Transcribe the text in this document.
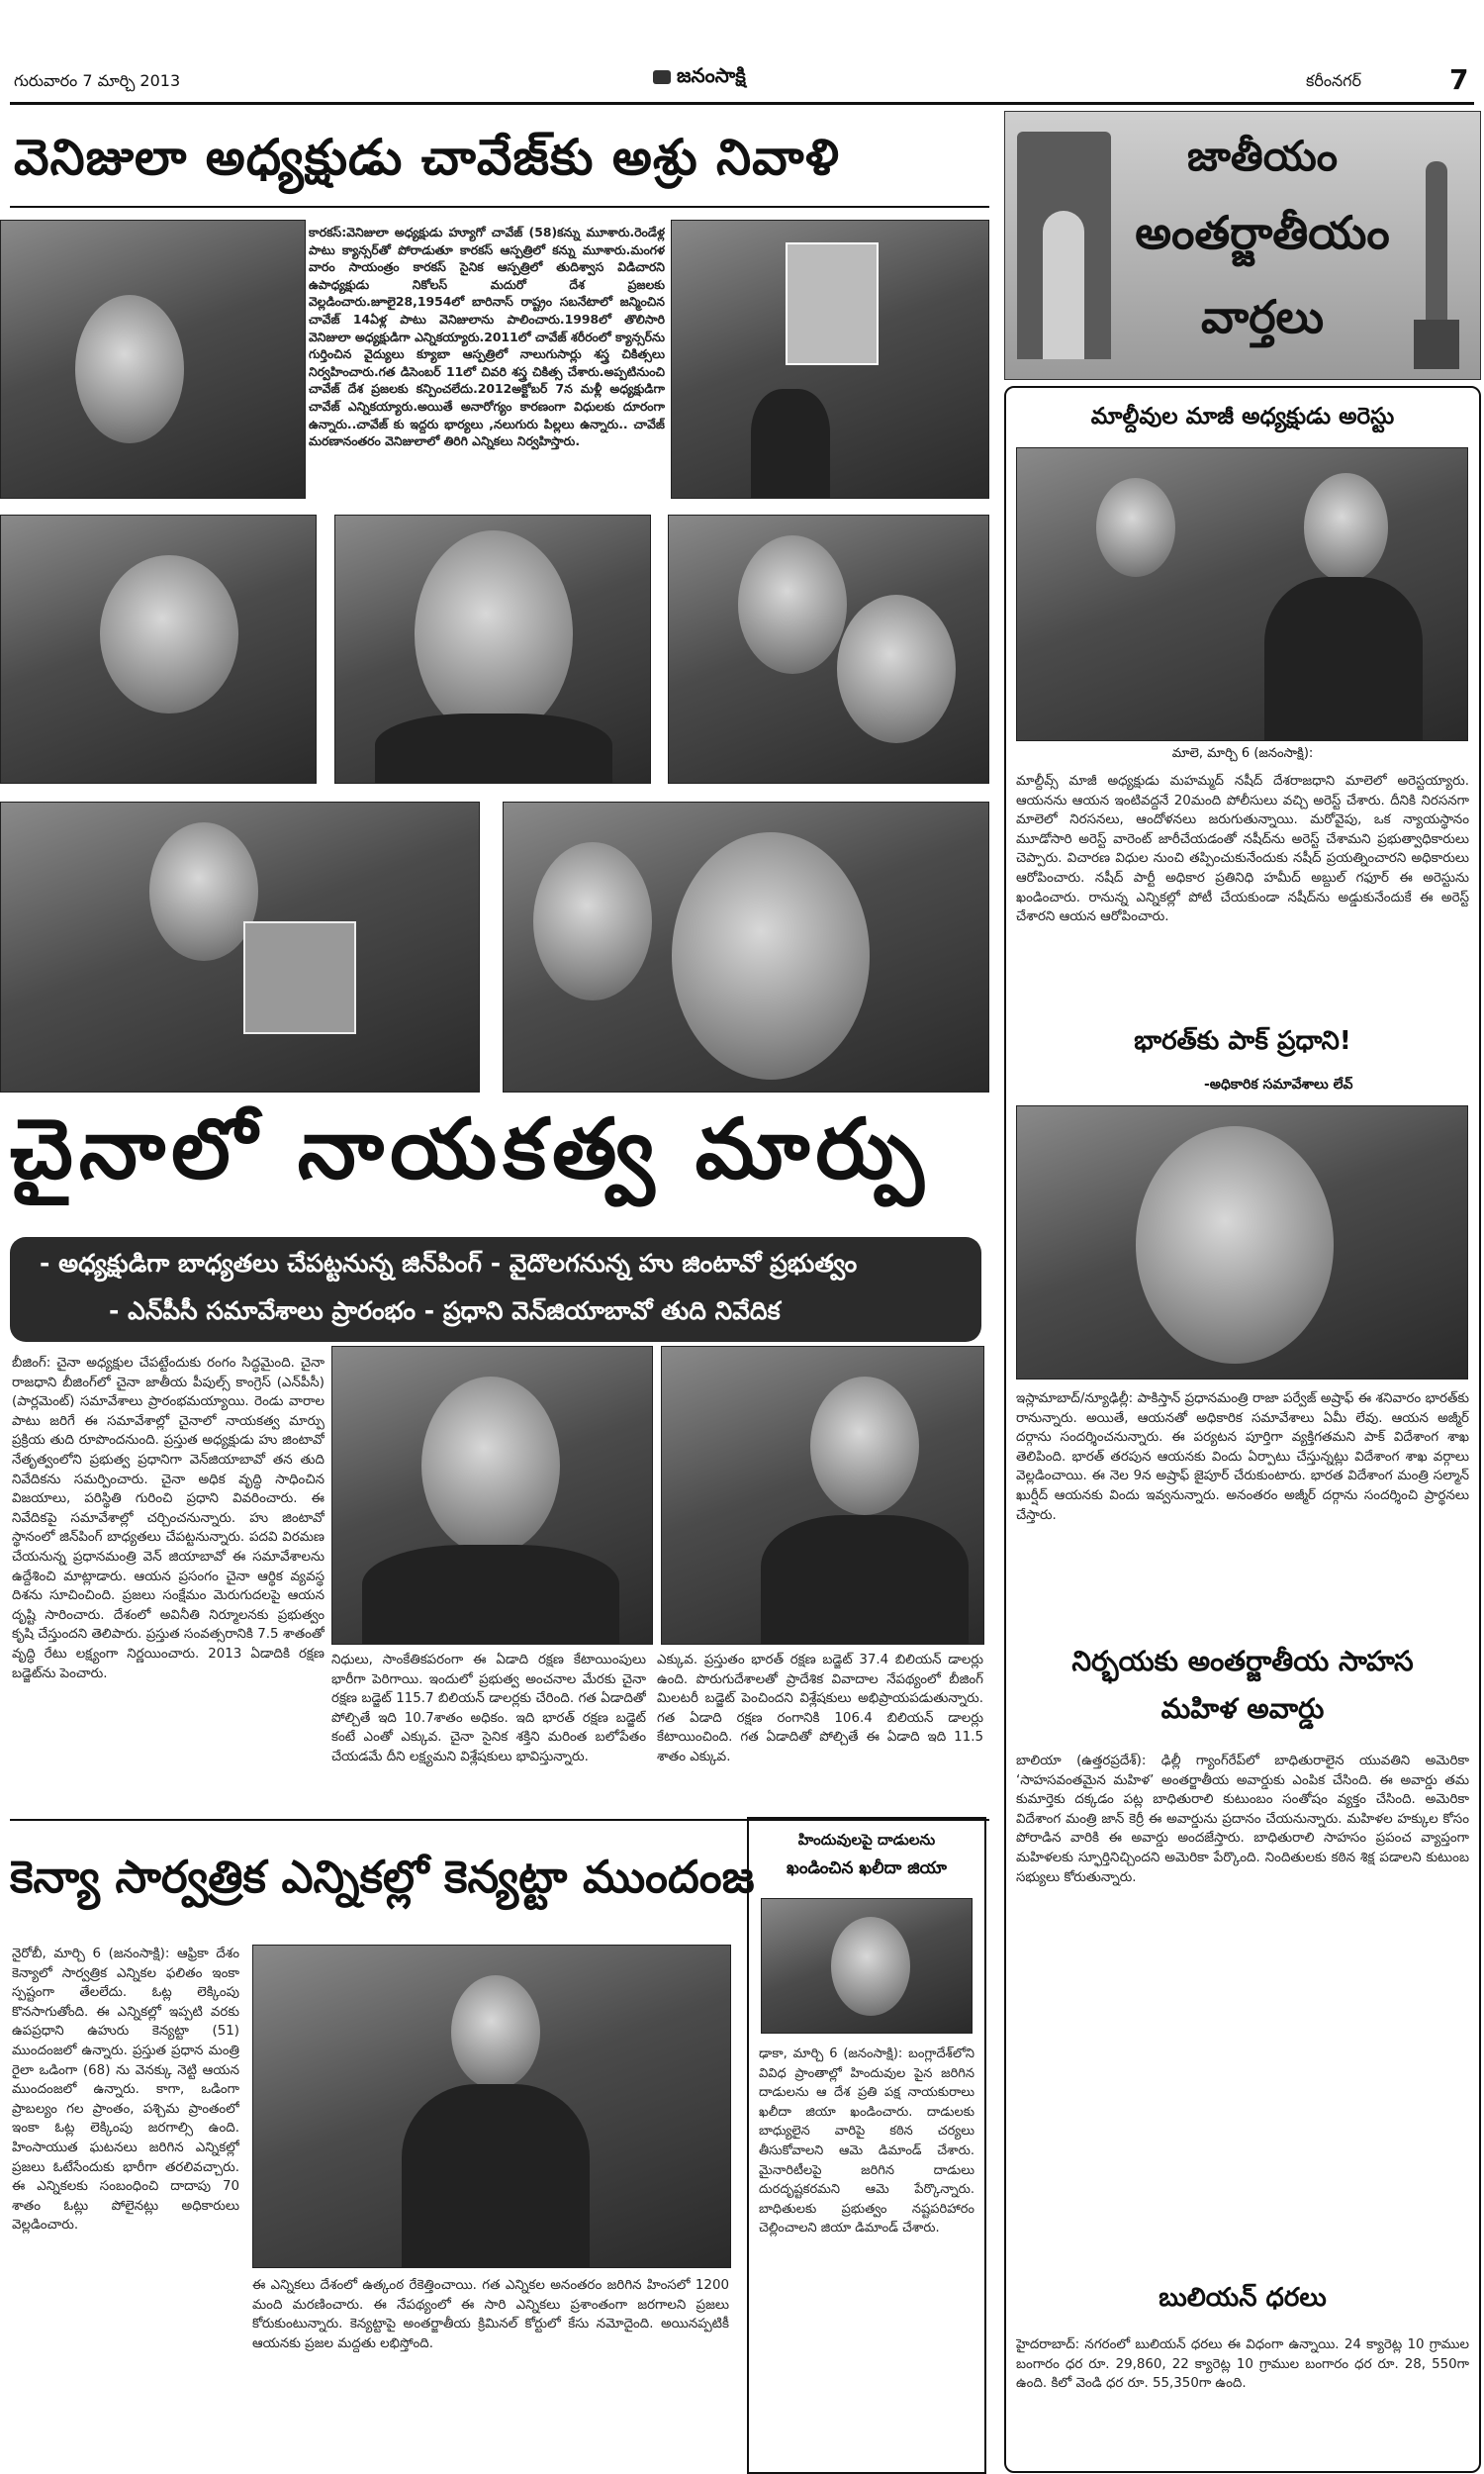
గురువారం 7 మార్చి 2013	జనంసాక్షి	కరీంనగర్	7
వెనిజులా అధ్యక్షుడు చావేజ్‌కు అశ్రు నివాళి
కారకస్‌:వెనిజులా అధ్యక్షుడు హ్యూగో చావేజ్‌ (58)కన్ను మూశారు.రెండేళ్ల పాటు క్యాన్సర్‌తో పోరాడుతూ కారకస్‌ ఆస్పత్రిలో కన్ను మూశారు.మంగళ వారం సాయంత్రం కారకస్‌ సైనిక ఆస్పత్రిలో తుదిశ్వాస విడిచారని ఉపాధ్యక్షుడు నికోలస్‌ మదురో దేశ ప్రజలకు వెల్లడించారు.జూలై28,1954లో బారినాస్‌ రాష్ట్రం సబనేటాలో జన్మించిన చావేజ్‌ 14ఏళ్ల పాటు వెనిజులాను పాలించారు.1998లో తొలిసారి వెనిజులా అధ్యక్షుడిగా ఎన్నికయ్యారు.2011లో చావేజ్‌ శరీరంలో క్యాన్సర్‌ను గుర్తించిన వైద్యులు క్యూబా ఆస్పత్రిలో నాలుగుసార్లు శస్త్ర చికిత్సలు నిర్వహించారు.గత డిసెంబర్‌ 11లో చివరి శస్త్ర చికిత్స చేశారు.అప్పటినుంచి చావేజ్‌ దేశ ప్రజలకు కన్పించలేదు.2012అక్టోబర్‌ 7న మళ్లీ అధ్యక్షుడిగా చావేజ్‌ ఎన్నికయ్యారు.అయితే అనారోగ్యం కారణంగా విధులకు దూరంగా ఉన్నారు..చావేజ్‌ కు ఇద్దరు భార్యలు ,నలుగురు పిల్లలు ఉన్నారు.. చావేజ్‌ మరణానంతరం వెనిజులాలో తిరిగి ఎన్నికలు నిర్వహిస్తారు.
చైనాలో నాయకత్వ మార్పు
- అధ్యక్షుడిగా బాధ్యతలు చేపట్టనున్న జిన్‌పింగ్‌ - వైదొలగనున్న హు జింటావో ప్రభుత్వం
- ఎన్‌పీసీ సమావేశాలు ప్రారంభం - ప్రధాని వెన్‌జియాబావో తుది నివేదిక
బీజింగ్‌: చైనా అధ్యక్షుల చేపట్టేందుకు రంగం సిద్ధమైంది. చైనా రాజధాని బీజింగ్‌లో చైనా జాతీయ పీపుల్స్‌ కాంగ్రెస్‌ (ఎన్‌పీసీ)(పార్లమెంట్‌) సమావేశాలు ప్రారంభమయ్యాయి. రెండు వారాల పాటు జరిగే ఈ సమావేశాల్లో చైనాలో నాయకత్వ మార్పు ప్రక్రియ తుది రూపొందనుంది. ప్రస్తుత అధ్యక్షుడు హు జింటావో నేతృత్వంలోని ప్రభుత్వ ప్రధానిగా వెన్‌జియాబావో తన తుది నివేదికను సమర్పించారు. చైనా అధిక వృద్ధి సాధించిన విజయాలు, పరిస్థితి గురించి ప్రధాని వివరించారు. ఈ నివేదికపై సమావేశాల్లో చర్చించనున్నారు. హు జింటావో స్థానంలో జిన్‌పింగ్‌ బాధ్యతలు చేపట్టనున్నారు. పదవి విరమణ చేయనున్న ప్రధానమంత్రి వెన్‌ జియాబావో ఈ సమావేశాలను ఉద్దేశించి మాట్లాడారు. ఆయన ప్రసంగం చైనా ఆర్థిక వ్యవస్థ దిశను సూచించింది. ప్రజలు సంక్షేమం మెరుగుదలపై ఆయన దృష్టి సారించారు. దేశంలో అవినీతి నిర్మూలనకు ప్రభుత్వం కృషి చేస్తుందని తెలిపారు. ప్రస్తుత సంవత్సరానికి 7.5 శాతంతో వృద్ధి రేటు లక్ష్యంగా నిర్ణయించారు. 2013 ఏడాదికి రక్షణ బడ్జెట్‌ను పెంచారు.
నిధులు, సాంకేతికపరంగా ఈ ఏడాది రక్షణ కేటాయింపులు భారీగా పెరిగాయి. ఇందులో ప్రభుత్వ అంచనాల మేరకు చైనా రక్షణ బడ్జెట్‌ 115.7 బిలియన్‌ డాలర్లకు చేరింది. గత ఏడాదితో పోల్చితే ఇది 10.7శాతం అధికం. ఇది భారత్‌ రక్షణ బడ్జెట్‌ కంటే ఎంతో ఎక్కువ. చైనా సైనిక శక్తిని మరింత బలోపేతం చేయడమే దీని లక్ష్యమని విశ్లేషకులు భావిస్తున్నారు.
ఎక్కువ. ప్రస్తుతం భారత్‌ రక్షణ బడ్జెట్‌ 37.4 బిలియన్‌ డాలర్లు ఉంది. పొరుగుదేశాలతో ప్రాదేశిక వివాదాల నేపథ్యంలో బీజింగ్‌ మిలటరీ బడ్జెట్‌ పెంచిందని విశ్లేషకులు అభిప్రాయపడుతున్నారు. గత ఏడాది రక్షణ రంగానికి 106.4 బిలియన్‌ డాలర్లు కేటాయించింది. గత ఏడాదితో పోల్చితే ఈ ఏడాది ఇది 11.5 శాతం ఎక్కువ.
కెన్యా సార్వత్రిక ఎన్నికల్లో కెన్యట్టా ముందంజ
నైరోబీ, మార్చి 6 (జనంసాక్షి): ఆఫ్రికా దేశం కెన్యాలో సార్వత్రిక ఎన్నికల ఫలితం ఇంకా స్పష్టంగా తేలలేదు. ఓట్ల లెక్కింపు కొనసాగుతోంది. ఈ ఎన్నికల్లో ఇప్పటి వరకు ఉపప్రధాని ఉహురు కెన్యట్టా (51) ముందంజలో ఉన్నారు. ప్రస్తుత ప్రధాన మంత్రి రైలా ఒడింగా (68) ను వెనక్కు నెట్టి ఆయన ముందంజలో ఉన్నారు. కాగా, ఒడింగా ప్రాబల్యం గల ప్రాంతం, పశ్చిమ ప్రాంతంలో ఇంకా ఓట్ల లెక్కింపు జరగాల్సి ఉంది. హింసాయుత ఘటనలు జరిగిన ఎన్నికల్లో ప్రజలు ఓటేసేందుకు భారీగా తరలివచ్చారు. ఈ ఎన్నికలకు సంబంధించి దాదాపు 70 శాతం ఓట్లు పోలైనట్లు అధికారులు వెల్లడించారు.
ఈ ఎన్నికలు దేశంలో ఉత్కంఠ రేకెత్తించాయి. గత ఎన్నికల అనంతరం జరిగిన హింసలో 1200 మంది మరణించారు. ఈ నేపథ్యంలో ఈ సారి ఎన్నికలు ప్రశాంతంగా జరగాలని ప్రజలు కోరుకుంటున్నారు. కెన్యట్టాపై అంతర్జాతీయ క్రిమినల్‌ కోర్టులో కేసు నమోదైంది. అయినప్పటికీ ఆయనకు ప్రజల మద్దతు లభిస్తోంది.
హిందువులపై దాడులను
ఖండించిన ఖలీదా జియా
ఢాకా, మార్చి 6 (జనంసాక్షి): బంగ్లాదేశ్‌లోని వివిధ ప్రాంతాల్లో హిందువుల పైన జరిగిన దాడులను ఆ దేశ ప్రతి పక్ష నాయకురాలు ఖలీదా జియా ఖండించారు. దాడులకు బాధ్యులైన వారిపై కఠిన చర్యలు తీసుకోవాలని ఆమె డిమాండ్‌ చేశారు. మైనారిటీలపై జరిగిన దాడులు దురదృష్టకరమని ఆమె పేర్కొన్నారు. బాధితులకు ప్రభుత్వం నష్టపరిహారం చెల్లించాలని జియా డిమాండ్‌ చేశారు.
జాతీయం
అంతర్జాతీయం
వార్తలు
మాల్దీవుల మాజీ అధ్యక్షుడు అరెస్టు
మాలె, మార్చి 6 (జనంసాక్షి):
మాల్దీవ్స్‌ మాజీ అధ్యక్షుడు మహమ్మద్‌ నషీద్‌ దేశరాజధాని మాలెలో అరెస్టయ్యారు. ఆయనను ఆయన ఇంటివద్దనే 20మంది పోలీసులు వచ్చి అరెస్ట్‌ చేశారు. దీనికి నిరసనగా మాలెలో నిరసనలు, ఆందోళనలు జరుగుతున్నాయి. మరోవైపు, ఒక న్యాయస్థానం మూడోసారి అరెస్ట్‌ వారెంట్‌ జారీచేయడంతో నషీద్‌ను అరెస్ట్‌ చేశామని ప్రభుత్వాధికారులు చెప్పారు. విచారణ విధుల నుంచి తప్పించుకునేందుకు నషీద్‌ ప్రయత్నించారని అధికారులు ఆరోపించారు. నషీద్‌ పార్టీ అధికార ప్రతినిధి హమీద్‌ అబ్దుల్‌ గఫూర్‌ ఈ అరెస్టును ఖండించారు. రానున్న ఎన్నికల్లో పోటీ చేయకుండా నషీద్‌ను అడ్డుకునేందుకే ఈ అరెస్ట్‌ చేశారని ఆయన ఆరోపించారు.
భారత్‌కు పాక్‌ ప్రధాని!
-అధికారిక సమావేశాలు లేవ్‌
ఇస్లామాబాద్‌/న్యూఢిల్లీ: పాకిస్తాన్‌ ప్రధానమంత్రి రాజా పర్వేజ్‌ అష్రాఫ్‌ ఈ శనివారం భారత్‌కు రానున్నారు. అయితే, ఆయనతో అధికారిక సమావేశాలు ఏమీ లేవు. ఆయన అజ్మీర్‌ దర్గాను సందర్శించనున్నారు. ఈ పర్యటన పూర్తిగా వ్యక్తిగతమని పాక్‌ విదేశాంగ శాఖ తెలిపింది. భారత్‌ తరపున ఆయనకు విందు ఏర్పాటు చేస్తున్నట్లు విదేశాంగ శాఖ వర్గాలు వెల్లడించాయి. ఈ నెల 9న అష్రాఫ్‌ జైపూర్‌ చేరుకుంటారు. భారత విదేశాంగ మంత్రి సల్మాన్‌ ఖుర్షీద్‌ ఆయనకు విందు ఇవ్వనున్నారు. అనంతరం అజ్మీర్‌ దర్గాను సందర్శించి ప్రార్థనలు చేస్తారు.
నిర్భయకు అంతర్జాతీయ సాహస
మహిళ అవార్డు
బాలియా (ఉత్తరప్రదేశ్‌): ఢిల్లీ గ్యాంగ్‌రేప్‌లో బాధితురాలైన యువతిని అమెరికా ‘సాహసవంతమైన మహిళ’ అంతర్జాతీయ అవార్డుకు ఎంపిక చేసింది. ఈ అవార్డు తమ కుమార్తెకు దక్కడం పట్ల బాధితురాలి కుటుంబం సంతోషం వ్యక్తం చేసింది. అమెరికా విదేశాంగ మంత్రి జాన్‌ కెర్రీ ఈ అవార్డును ప్రదానం చేయనున్నారు. మహిళల హక్కుల కోసం పోరాడిన వారికి ఈ అవార్డు అందజేస్తారు. బాధితురాలి సాహసం ప్రపంచ వ్యాప్తంగా మహిళలకు స్ఫూర్తినిచ్చిందని అమెరికా పేర్కొంది. నిందితులకు కఠిన శిక్ష పడాలని కుటుంబ సభ్యులు కోరుతున్నారు.
బులియన్‌ ధరలు
హైదరాబాద్‌: నగరంలో బులియన్‌ ధరలు ఈ విధంగా ఉన్నాయి. 24 క్యారెట్ల 10 గ్రాముల బంగారం ధర రూ. 29,860, 22 క్యారెట్ల 10 గ్రాముల బంగారం ధర రూ. 28, 550గా ఉంది. కిలో వెండి ధర రూ. 55,350గా ఉంది.
